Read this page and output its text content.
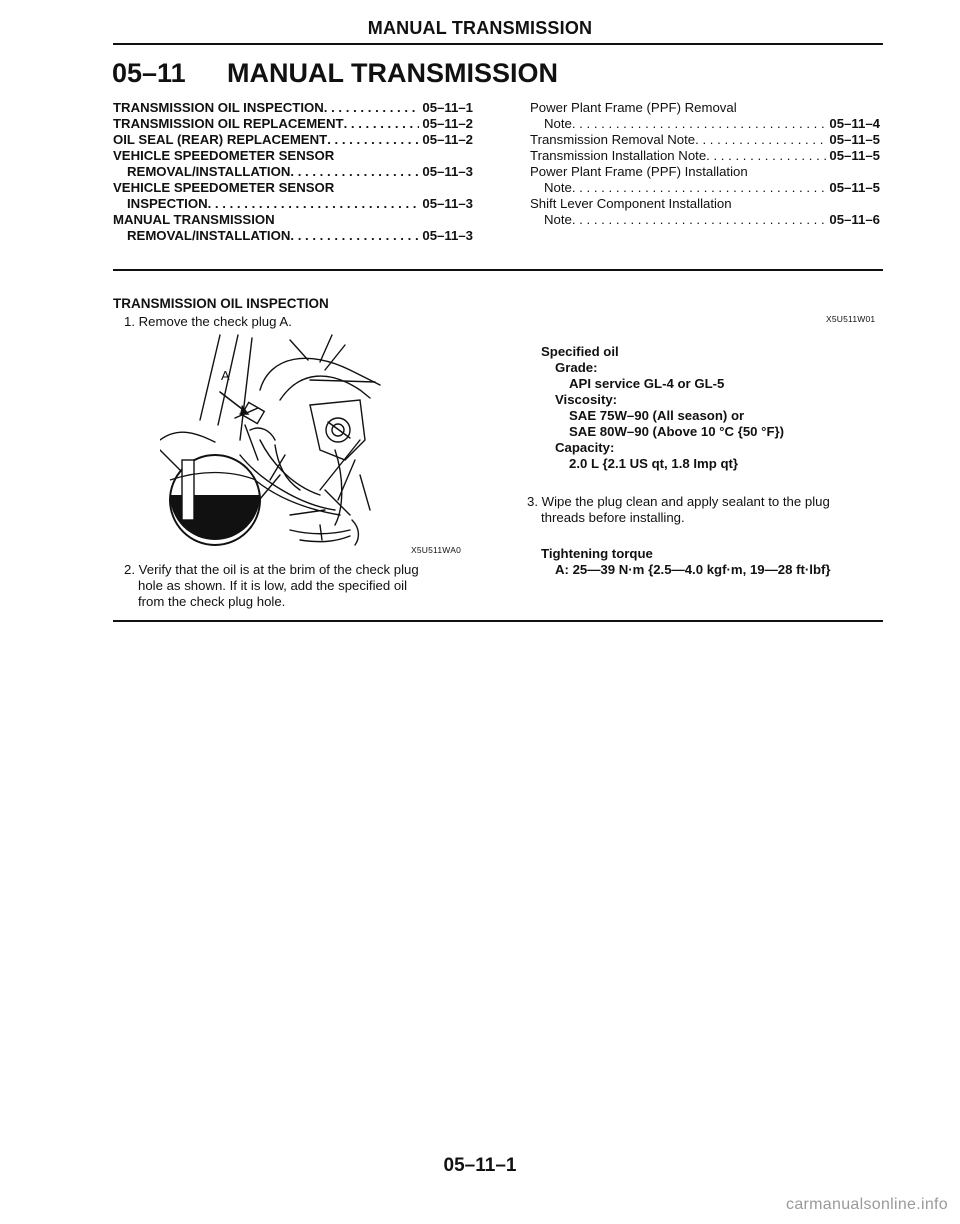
MANUAL TRANSMISSION
05–11 MANUAL TRANSMISSION
TRANSMISSION OIL INSPECTION . . .	05–11–1
TRANSMISSION OIL REPLACEMENT . . .	05–11–2
OIL SEAL (REAR) REPLACEMENT . . .	05–11–2
VEHICLE SPEEDOMETER SENSOR
REMOVAL/INSTALLATION . . .	05–11–3
VEHICLE SPEEDOMETER SENSOR
INSPECTION . . .	05–11–3
MANUAL TRANSMISSION
REMOVAL/INSTALLATION . . .	05–11–3
Power Plant Frame (PPF) Removal
Note . . .	05–11–4
Transmission Removal Note . . .	05–11–5
Transmission Installation Note . . .	05–11–5
Power Plant Frame (PPF) Installation
Note . . .	05–11–5
Shift Lever Component Installation
Note . . .	05–11–6
TRANSMISSION OIL INSPECTION
X5U511W01
1. Remove the check plug A.
A
X5U511WA0
2. Verify that the oil is at the brim of the check plug
hole as shown. If it is low, add the specified oil
from the check plug hole.
Specified oil
Grade:
API service GL-4 or GL-5
Viscosity:
SAE 75W–90 (All season) or
SAE 80W–90 (Above 10 °C {50 °F})
Capacity:
2.0 L {2.1 US qt, 1.8 Imp qt}
3. Wipe the plug clean and apply sealant to the plug
threads before installing.
Tightening torque
A: 25—39 N·m {2.5—4.0 kgf·m, 19—28 ft·lbf}
05–11–1
carmanualsonline.info
